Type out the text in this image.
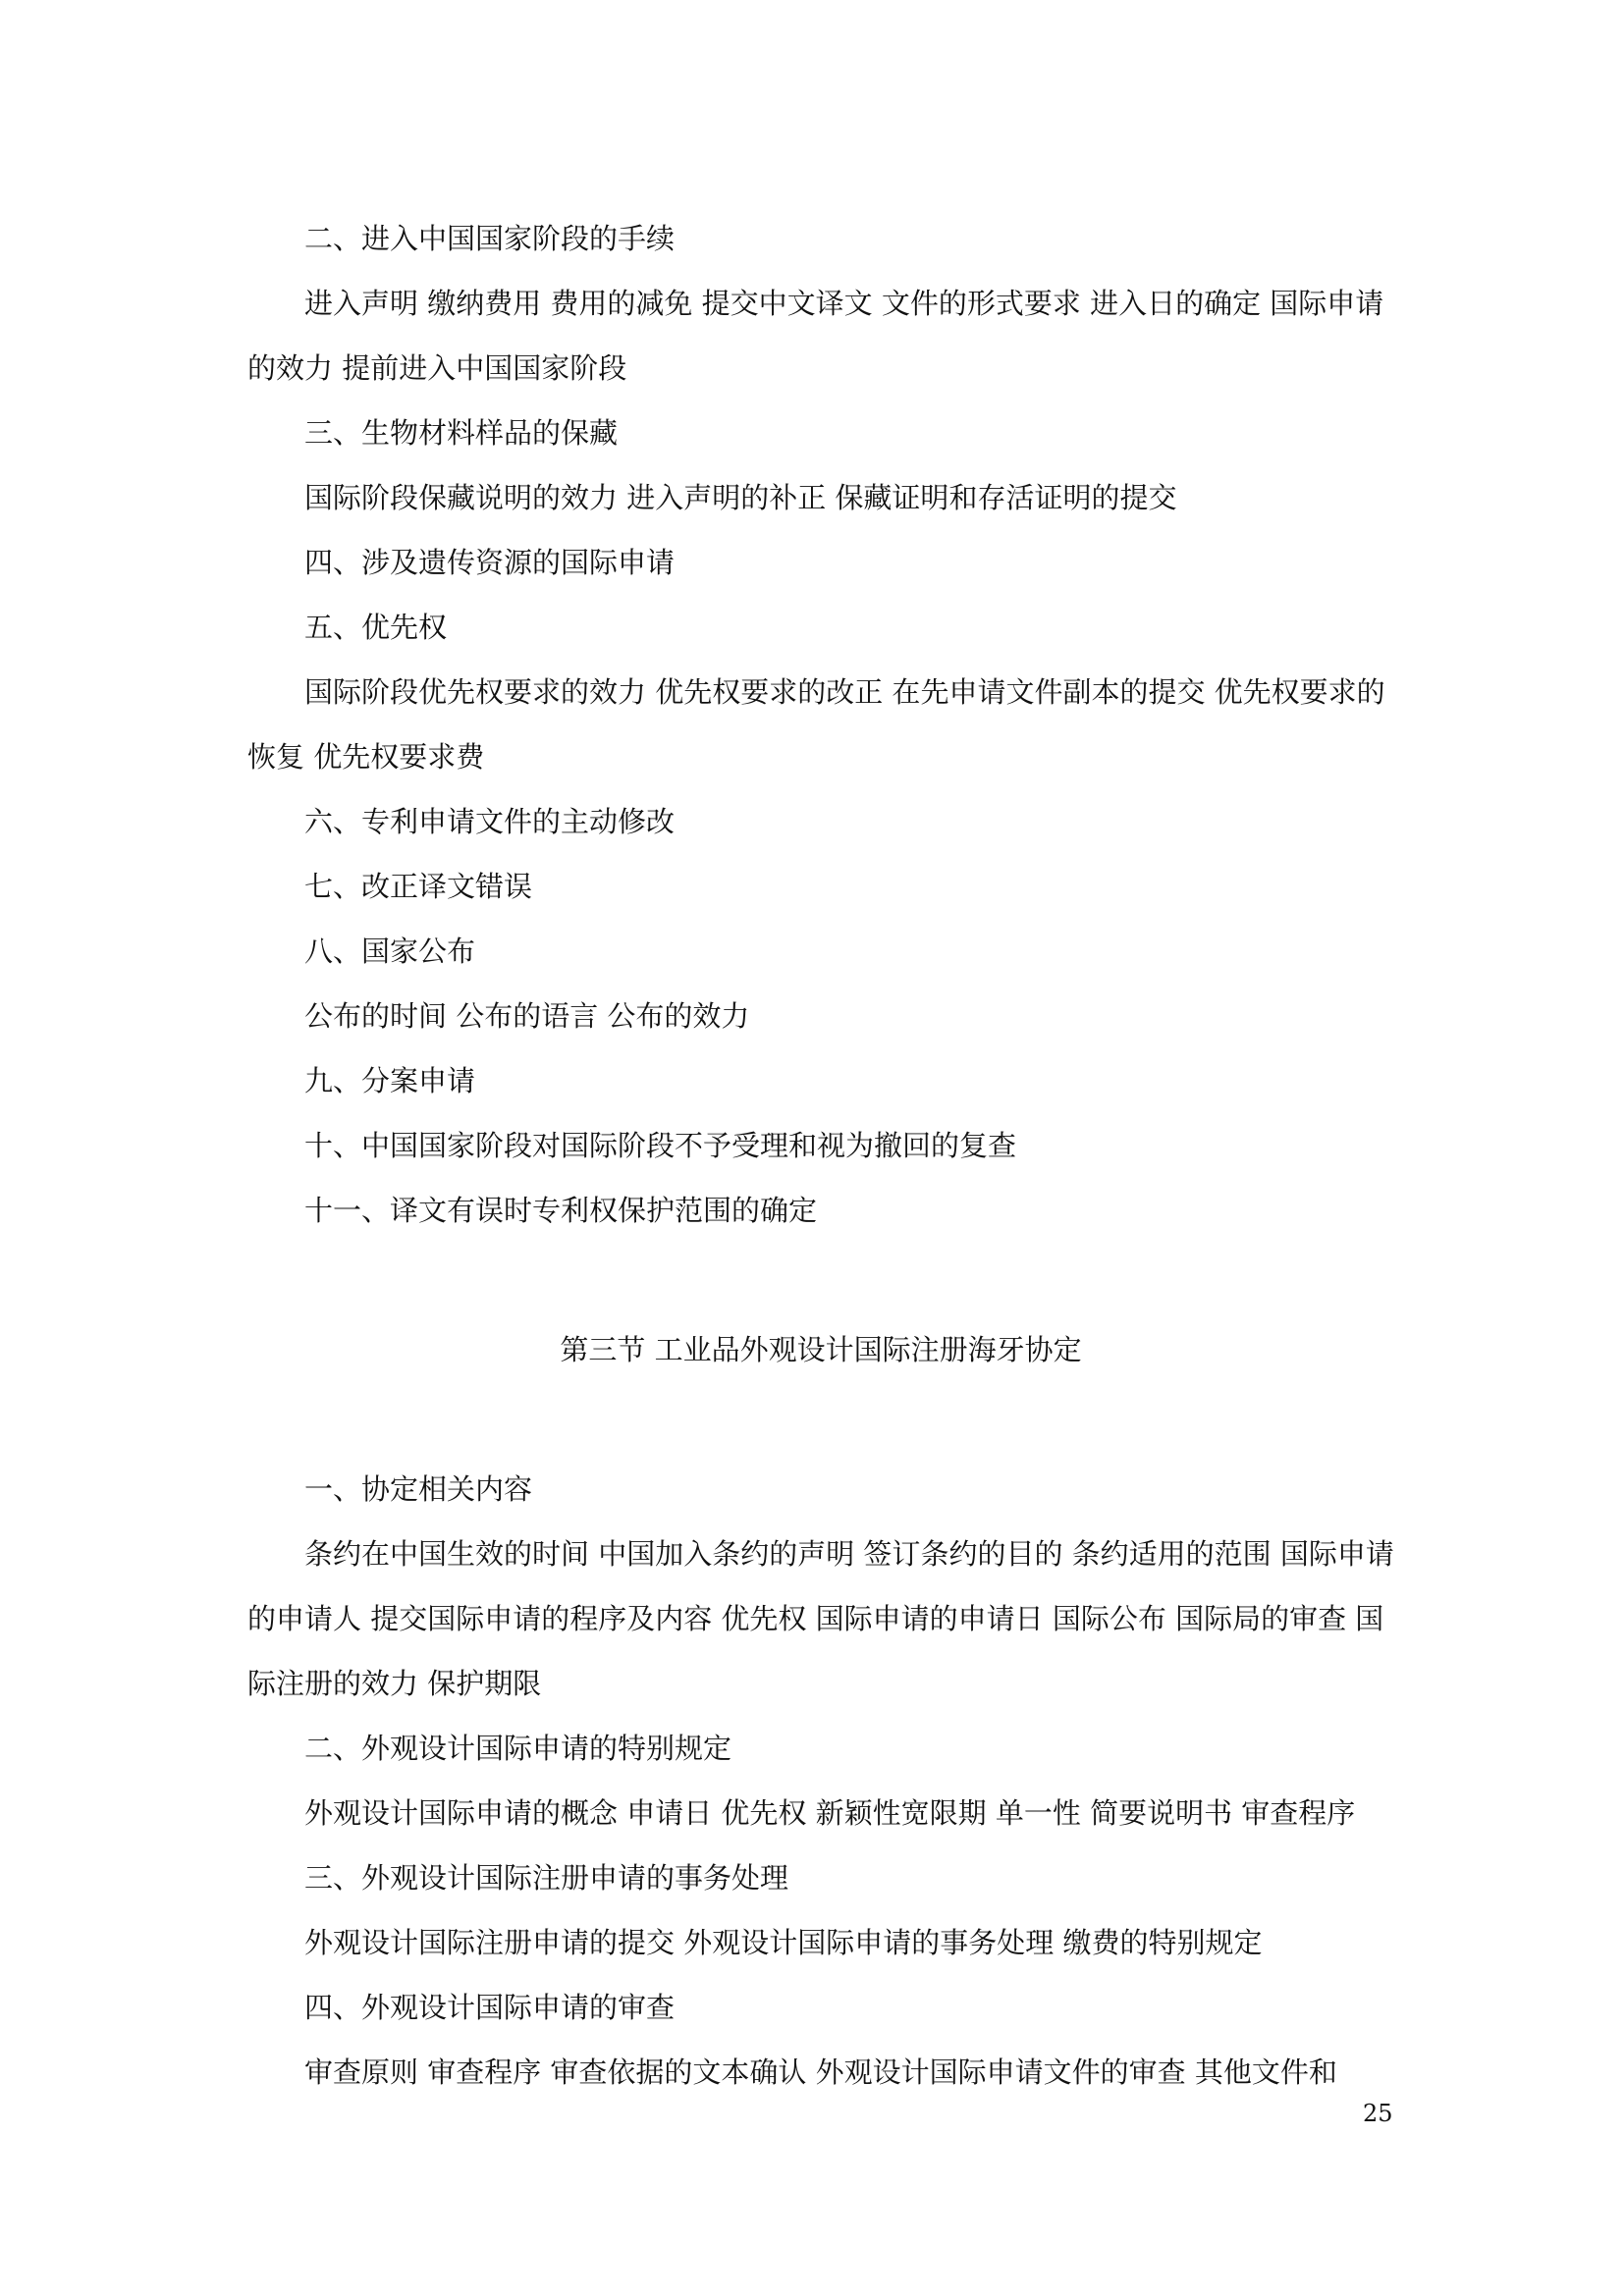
二、进入中国国家阶段的手续

进入声明 缴纳费用 费用的减免 提交中文译文 文件的形式要求 进入日的确定 国际申请的效力 提前进入中国国家阶段

三、生物材料样品的保藏

国际阶段保藏说明的效力 进入声明的补正 保藏证明和存活证明的提交

四、涉及遗传资源的国际申请

五、优先权

国际阶段优先权要求的效力 优先权要求的改正 在先申请文件副本的提交 优先权要求的恢复 优先权要求费

六、专利申请文件的主动修改

七、改正译文错误

八、国家公布

公布的时间 公布的语言 公布的效力

九、分案申请

十、中国国家阶段对国际阶段不予受理和视为撤回的复查

十一、译文有误时专利权保护范围的确定

第三节 工业品外观设计国际注册海牙协定

一、协定相关内容

条约在中国生效的时间 中国加入条约的声明 签订条约的目的 条约适用的范围 国际申请的申请人 提交国际申请的程序及内容 优先权 国际申请的申请日 国际公布 国际局的审查 国际注册的效力 保护期限

二、外观设计国际申请的特别规定

外观设计国际申请的概念 申请日 优先权 新颖性宽限期 单一性 简要说明书 审查程序

三、外观设计国际注册申请的事务处理

外观设计国际注册申请的提交 外观设计国际申请的事务处理 缴费的特别规定

四、外观设计国际申请的审查

审查原则 审查程序 审查依据的文本确认 外观设计国际申请文件的审查 其他文件和

25
